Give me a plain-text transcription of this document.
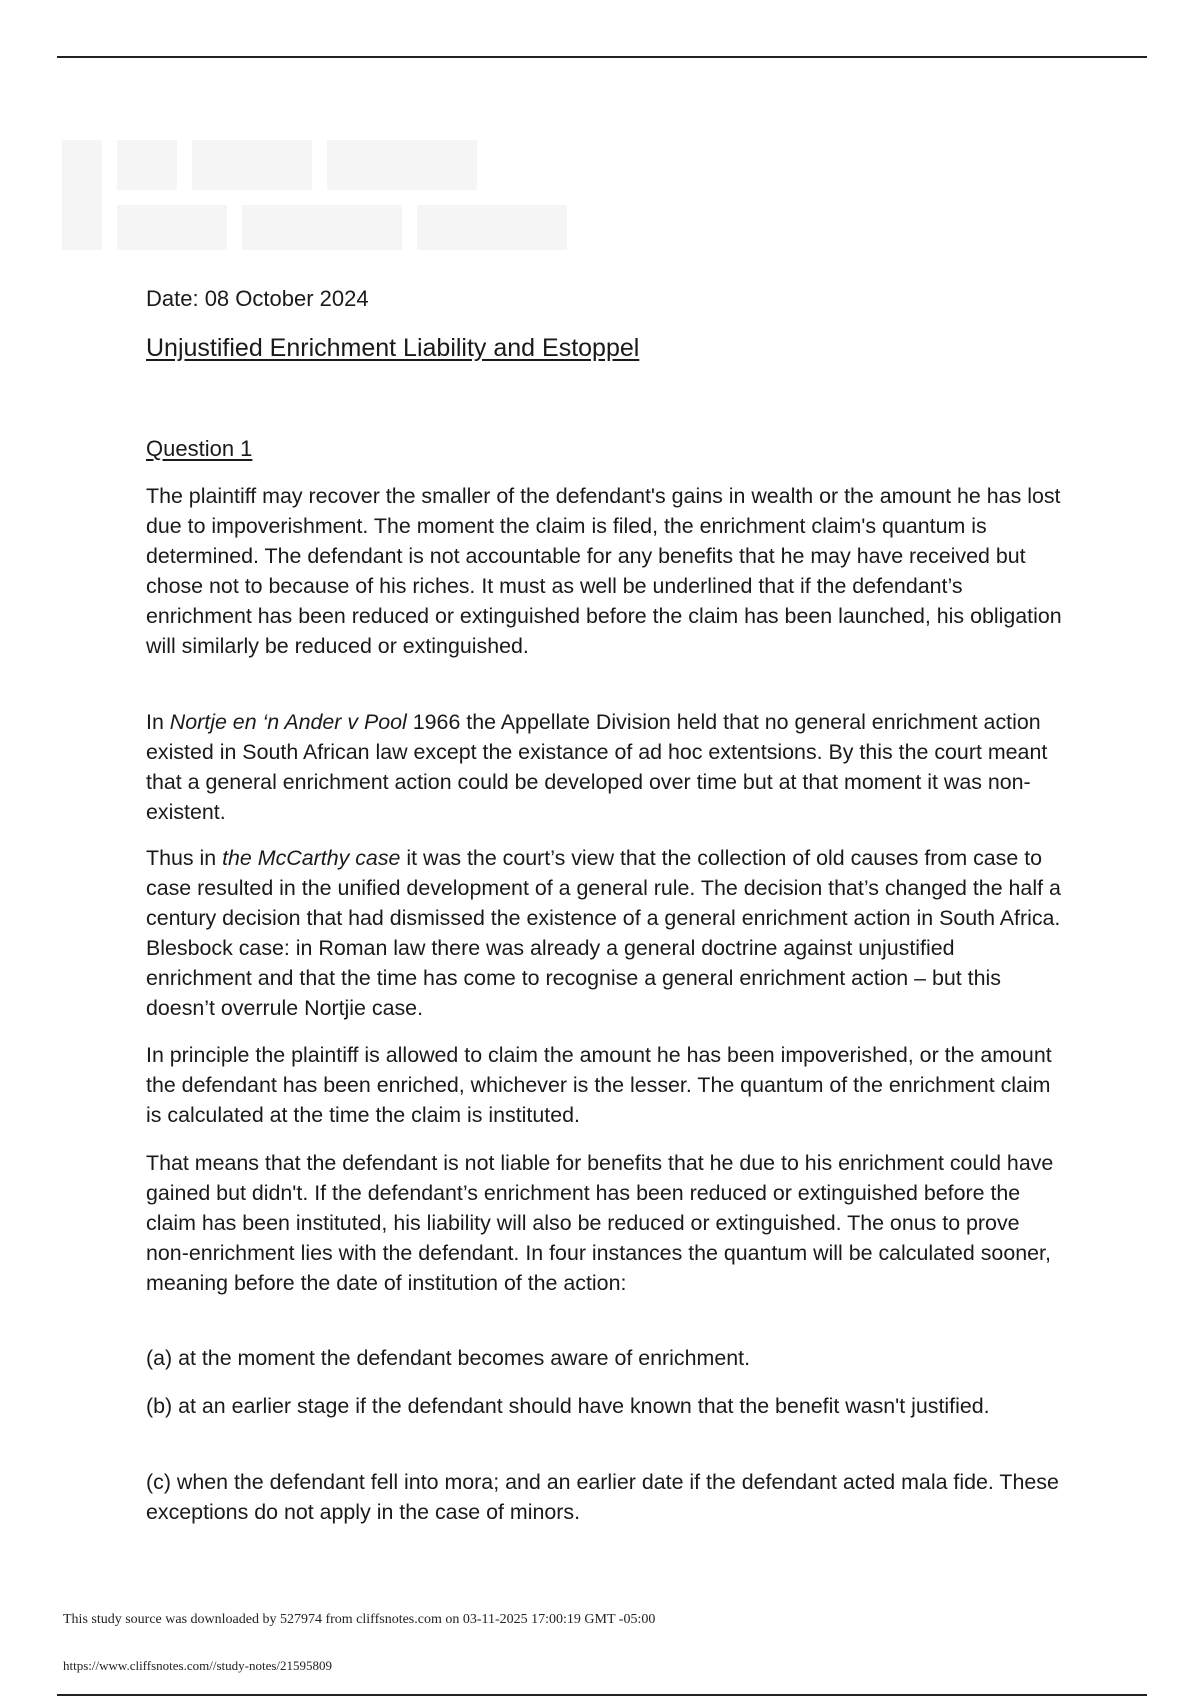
Date: 08 October 2024
Unjustified Enrichment Liability and Estoppel
Question 1

The plaintiff may recover the smaller of the defendant's gains in wealth or the amount he has lost due to impoverishment. The moment the claim is filed, the enrichment claim's quantum is determined. The defendant is not accountable for any benefits that he may have received but chose not to because of his riches. It must as well be underlined that if the defendant’s enrichment has been reduced or extinguished before the claim has been launched, his obligation will similarly be reduced or extinguished.

In Nortje en ‘n Ander v Pool 1966 the Appellate Division held that no general enrichment action existed in South African law except the existance of ad hoc extentsions. By this the court meant that a general enrichment action could be developed over time but at that moment it was non-existent.

Thus in the McCarthy case it was the court’s view that the collection of old causes from case to case resulted in the unified development of a general rule. The decision that’s changed the half a century decision that had dismissed the existence of a general enrichment action in South Africa. Blesbock case: in Roman law there was already a general doctrine against unjustified enrichment and that the time has come to recognise a general enrichment action – but this doesn’t overrule Nortjie case.

In principle the plaintiff is allowed to claim the amount he has been impoverished, or the amount the defendant has been enriched, whichever is the lesser. The quantum of the enrichment claim is calculated at the time the claim is instituted.

That means that the defendant is not liable for benefits that he due to his enrichment could have gained but didn't. If the defendant’s enrichment has been reduced or extinguished before the claim has been instituted, his liability will also be reduced or extinguished. The onus to prove non-enrichment lies with the defendant. In four instances the quantum will be calculated sooner, meaning before the date of institution of the action:

(a) at the moment the defendant becomes aware of enrichment.

(b) at an earlier stage if the defendant should have known that the benefit wasn't justified.

(c) when the defendant fell into mora; and an earlier date if the defendant acted mala fide. These exceptions do not apply in the case of minors.

This study source was downloaded by 527974 from cliffsnotes.com on 03-11-2025 17:00:19 GMT -05:00
https://www.cliffsnotes.com//study-notes/21595809
